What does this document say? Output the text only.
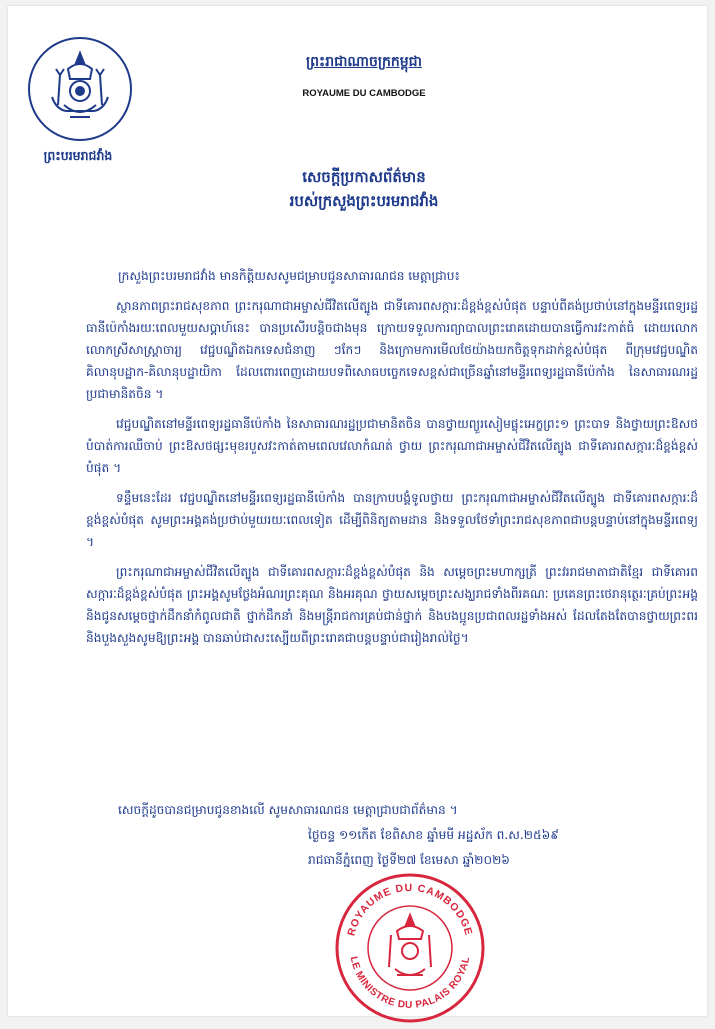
ព្រះបរមរាជវាំង
ព្រះរាជាណាចក្រកម្ពុជា
ROYAUME DU CAMBODGE
សេចក្ដីប្រកាសព័ត៌មាន
របស់ក្រសួងព្រះបរមរាជវាំង

ក្រសួងព្រះបរមរាជវាំង មានកិត្តិយសសូមជម្រាបជូនសាធារណជន មេត្តាជ្រាប៖

ស្ថានភាពព្រះរាជសុខភាព ព្រះករុណាជាអម្ចាស់ជីវិតលើត្បូង ជាទីគោរពសក្ការៈដ៏ខ្ពង់ខ្ពស់បំផុត បន្ទាប់ពីគង់ប្រថាប់នៅក្នុងមន្ទីរពេទ្យរដ្ឋធានីប៉េកាំងរយៈពេលមួយសប្ដាហ៍នេះ បានប្រសើរបន្តិចជាងមុន ក្រោយទទួលការព្យាបាលព្រះរោគដោយបានធ្វើការវះកាត់ធំ ដោយលោក លោកស្រីសាស្ត្រាចារ្យ វេជ្ជបណ្ឌិតឯកទេសជំនាញ ៗកែៗ និងក្រោមការមើលថែយ៉ាងយកចិត្តទុកដាក់ខ្ពស់បំផុត ពីក្រុមវេជ្ជបណ្ឌិត គិលានុបដ្ឋាក-គិលានុបដ្ឋាយិកា ដែលពោរពេញដោយបទពិសោធបច្ចេកទេសខ្ពស់ជាច្រើនឆ្នាំនៅមន្ទីរពេទ្យរដ្ឋធានីប៉េកាំង នៃសាធារណរដ្ឋប្រជាមានិតចិន ។

វេជ្ជបណ្ឌិតនៅមន្ទីរពេទ្យរដ្ឋធានីប៉េកាំង នៃសាធារណរដ្ឋប្រជាមានិតចិន បានថ្វាយព្យួរសៀមផ្លុះអេក្ខព្រះ១ ព្រះបាទ និងថ្វាយព្រះឱសថបំបាត់ការឈឺចាប់ ព្រះឱសថផ្សះមុខរបួសវះកាត់តាមពេលវេលាកំណត់ ថ្វាយ ព្រះករុណាជាអម្ចាស់ជីវិតលើត្បូង ជាទីគោរពសក្ការៈដ៏ខ្ពង់ខ្ពស់បំផុត ។

ទន្ទឹមនេះដែរ វេជ្ជបណ្ឌិតនៅមន្ទីរពេទ្យរដ្ឋធានីប៉េកាំង បានក្រាបបង្គំទូលថ្វាយ ព្រះករុណាជាអម្ចាស់ជីវិតលើត្បូង ជាទីគោរពសក្ការៈដ៏ខ្ពង់ខ្ពស់បំផុត សូមព្រះអង្គគង់ប្រថាប់មួយរយៈពេលទៀត ដើម្បីពិនិត្យតាមដាន និងទទួលថែទាំព្រះរាជសុខភាពជាបន្តបន្ទាប់នៅក្នុងមន្ទីរពេទ្យ ។

ព្រះករុណាជាអម្ចាស់ជីវិតលើត្បូង ជាទីគោរពសក្ការៈដ៏ខ្ពង់ខ្ពស់បំផុត និង សម្ដេចព្រះមហាក្សត្រី ព្រះវររាជមាតាជាតិខ្មែរ ជាទីគោរពសក្ការៈដ៏ខ្ពង់ខ្ពស់បំផុត ព្រះអង្គសូមថ្លែងអំណរព្រះគុណ និងអរគុណ ថ្វាយសម្ដេចព្រះសង្ឃរាជទាំងពីរគណៈ ប្រគេនព្រះថេរានុត្ថេរៈគ្រប់ព្រះអង្គ និងជូនសម្ដេចថ្នាក់ដឹកនាំកំពូលជាតិ ថ្នាក់ដឹកនាំ និងមន្ត្រីរាជការគ្រប់ជាន់ថ្នាក់ និងបងប្អូនប្រជាពលរដ្ឋទាំងអស់ ដែលតែងតែបានថ្វាយព្រះពរ និងបួងសួងសូមឱ្យព្រះអង្គ បានឆាប់ជាសះស្បើយពីព្រះរោគជាបន្តបន្ទាប់ជារៀងរាល់ថ្ងៃ។

សេចក្ដីដូចបានជម្រាបជូនខាងលើ សូមសាធារណជន មេត្តាជ្រាបជាព័ត៌មាន ។
ថ្ងៃចន្ទ ១១កើត ខែពិសាខ ឆ្នាំមមី អដ្ឋស័ក ព.ស.២៥៦៩
រាជធានីភ្នំពេញ ថ្ងៃទី២៧ ខែមេសា ឆ្នាំ២០២៦
ROYAUME DU CAMBODGE
LE MINISTRE DU PALAIS ROYAL
